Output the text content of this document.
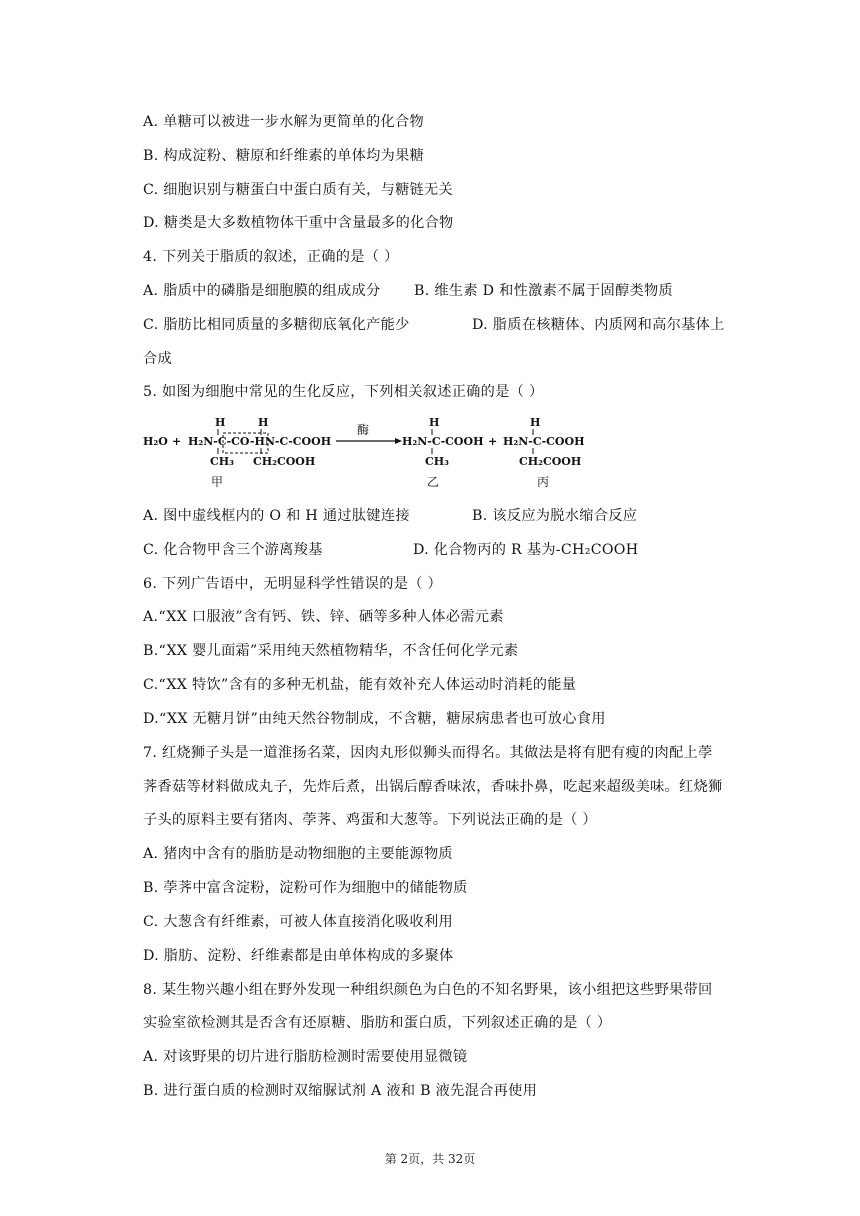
A. 单糖可以被进一步水解为更简单的化合物
B. 构成淀粉、糖原和纤维素的单体均为果糖
C. 细胞识别与糖蛋白中蛋白质有关，与糖链无关
D. 糖类是大多数植物体干重中含量最多的化合物
4. 下列关于脂质的叙述，正确的是（ ）
A. 脂质中的磷脂是细胞膜的组成成分 B. 维生素 D 和性激素不属于固醇类物质
C. 脂肪比相同质量的多糖彻底氧化产能少	D. 脂质在核糖体、内质网和高尔基体上
合成
5. 如图为细胞中常见的生化反应，下列相关叙述正确的是（ ）
H₂O +
H	H
H₂N-C-CO-HN-C-COOH
CH₃ CH₂COOH
酶
H
H₂N-C-COOH
CH₃
+
H
H₂N-C-COOH
CH₂COOH
甲	乙	丙
A. 图中虚线框内的 O 和 H 通过肽键连接	B. 该反应为脱水缩合反应
C. 化合物甲含三个游离羧基	D. 化合物丙的 R 基为-CH₂COOH
6. 下列广告语中，无明显科学性错误的是（ ）
A.“XX 口服液”含有钙、铁、锌、硒等多种人体必需元素
B.“XX 婴儿面霜”采用纯天然植物精华，不含任何化学元素
C.“XX 特饮”含有的多种无机盐，能有效补充人体运动时消耗的能量
D.“XX 无糖月饼”由纯天然谷物制成，不含糖，糖尿病患者也可放心食用
7. 红烧狮子头是一道淮扬名菜，因肉丸形似狮头而得名。其做法是将有肥有瘦的肉配上荸
荠香菇等材料做成丸子，先炸后煮，出锅后醇香味浓，香味扑鼻，吃起来超级美味。红烧狮
子头的原料主要有猪肉、荸荠、鸡蛋和大葱等。下列说法正确的是（ ）
A. 猪肉中含有的脂肪是动物细胞的主要能源物质
B. 荸荠中富含淀粉，淀粉可作为细胞中的储能物质
C. 大葱含有纤维素，可被人体直接消化吸收利用
D. 脂肪、淀粉、纤维素都是由单体构成的多聚体
8. 某生物兴趣小组在野外发现一种组织颜色为白色的不知名野果，该小组把这些野果带回
实验室欲检测其是否含有还原糖、脂肪和蛋白质，下列叙述正确的是（ ）
A. 对该野果的切片进行脂肪检测时需要使用显微镜
B. 进行蛋白质的检测时双缩脲试剂 A 液和 B 液先混合再使用
第 2页，共 32页
